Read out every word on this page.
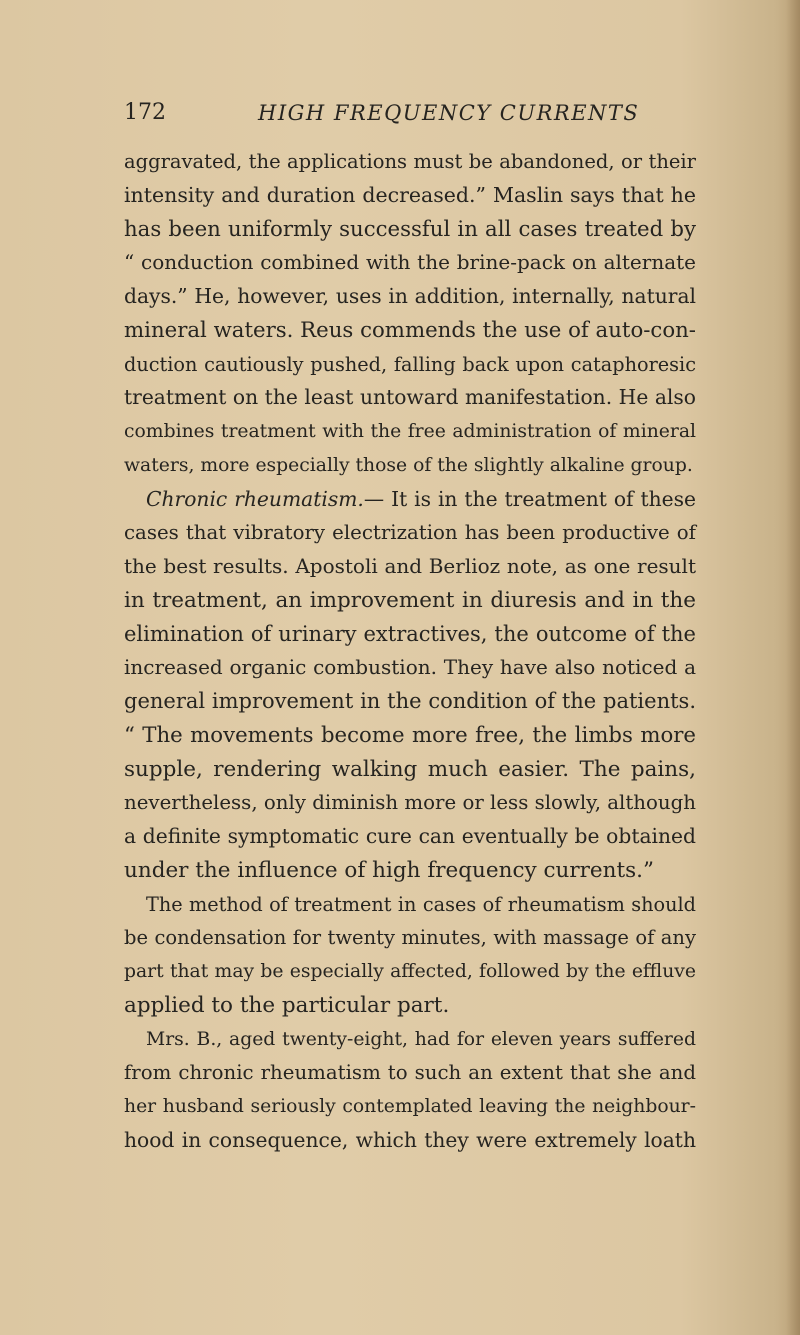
172	HIGH FREQUENCY CURRENTS
aggravated, the applications must be abandoned, or their
intensity and duration decreased.” Maslin says that he
has been uniformly successful in all cases treated by
“ conduction combined with the brine-pack on alternate
days.” He, however, uses in addition, internally, natural
mineral waters. Reus commends the use of auto-con-
duction cautiously pushed, falling back upon cataphoresic
treatment on the least untoward manifestation. He also
combines treatment with the free administration of mineral
waters, more especially those of the slightly alkaline group.
Chronic rheumatism.— It is in the treatment of these
cases that vibratory electrization has been productive of
the best results. Apostoli and Berlioz note, as one result
in treatment, an improvement in diuresis and in the
elimination of urinary extractives, the outcome of the
increased organic combustion. They have also noticed a
general improvement in the condition of the patients.
“ The movements become more free, the limbs more
supple, rendering walking much easier. The pains,
nevertheless, only diminish more or less slowly, although
a definite symptomatic cure can eventually be obtained
under the influence of high frequency currents.”
The method of treatment in cases of rheumatism should
be condensation for twenty minutes, with massage of any
part that may be especially affected, followed by the effluve
applied to the particular part.
Mrs. B., aged twenty-eight, had for eleven years suffered
from chronic rheumatism to such an extent that she and
her husband seriously contemplated leaving the neighbour-
hood in consequence, which they were extremely loath
